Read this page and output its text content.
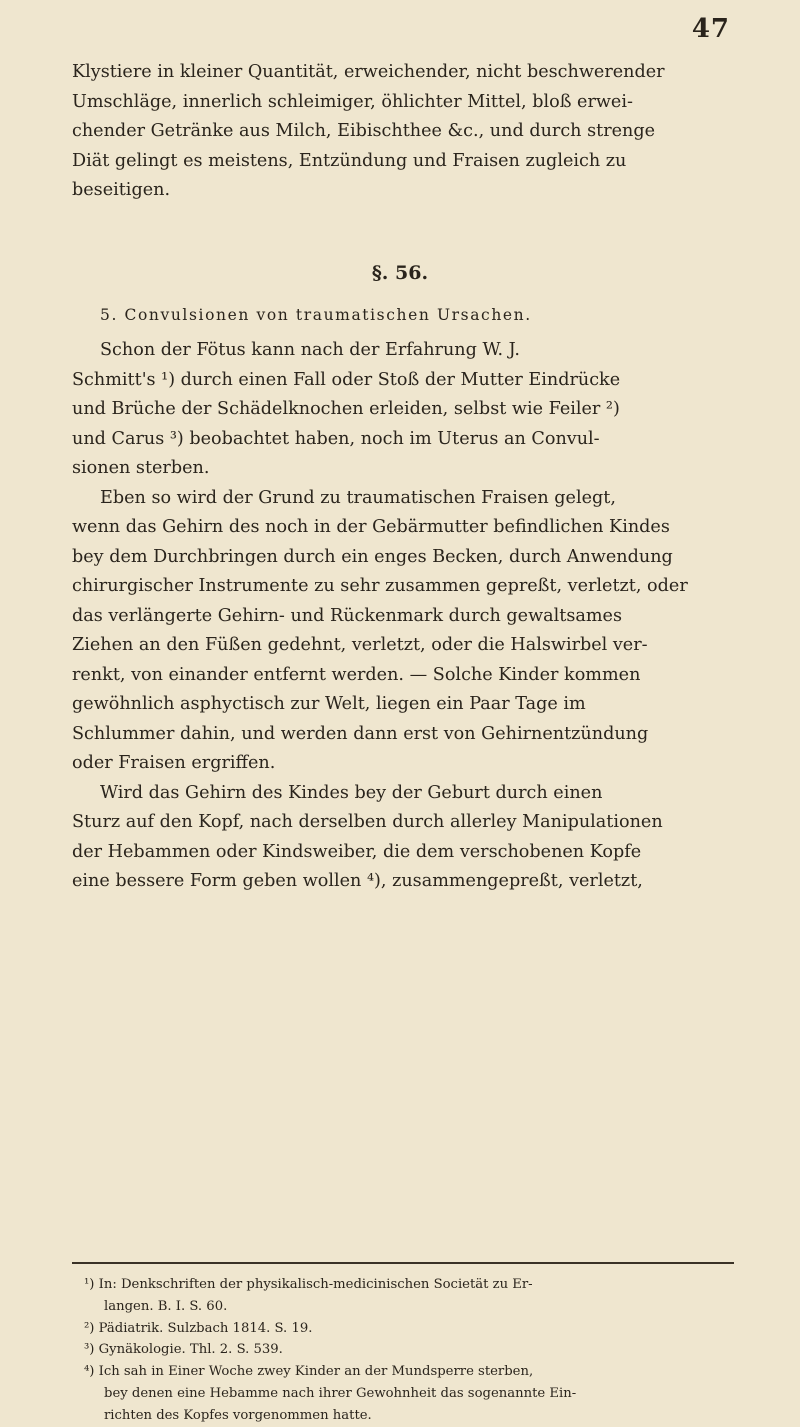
47
Klystiere in kleiner Quantität, erweichender, nicht beschwerender
Umschläge, innerlich schleimiger, öhlichter Mittel, bloß erwei-
chender Getränke aus Milch, Eibischthee &c., und durch strenge
Diät gelingt es meistens, Entzündung und Fraisen zugleich zu
beseitigen.
§. 56.
5. Convulsionen von traumatischen Ursachen.
Schon der Fötus kann nach der Erfahrung W. J.
Schmitt's ¹) durch einen Fall oder Stoß der Mutter Eindrücke
und Brüche der Schädelknochen erleiden, selbst wie Feiler ²)
und Carus ³) beobachtet haben, noch im Uterus an Convul-
sionen sterben.
Eben so wird der Grund zu traumatischen Fraisen gelegt,
wenn das Gehirn des noch in der Gebärmutter befindlichen Kindes
bey dem Durchbringen durch ein enges Becken, durch Anwendung
chirurgischer Instrumente zu sehr zusammen gepreßt, verletzt, oder
das verlängerte Gehirn- und Rückenmark durch gewaltsames
Ziehen an den Füßen gedehnt, verletzt, oder die Halswirbel ver-
renkt, von einander entfernt werden. — Solche Kinder kommen
gewöhnlich asphyctisch zur Welt, liegen ein Paar Tage im
Schlummer dahin, und werden dann erst von Gehirnentzündung
oder Fraisen ergriffen.
Wird das Gehirn des Kindes bey der Geburt durch einen
Sturz auf den Kopf, nach derselben durch allerley Manipulationen
der Hebammen oder Kindsweiber, die dem verschobenen Kopfe
eine bessere Form geben wollen ⁴), zusammengepreßt, verletzt,
¹) In: Denkschriften der physikalisch-medicinischen Societät zu Er-
langen. B. I. S. 60.
²) Pädiatrik. Sulzbach 1814. S. 19.
³) Gynäkologie. Thl. 2. S. 539.
⁴) Ich sah in Einer Woche zwey Kinder an der Mundsperre sterben,
bey denen eine Hebamme nach ihrer Gewohnheit das sogenannte Ein-
richten des Kopfes vorgenommen hatte.
